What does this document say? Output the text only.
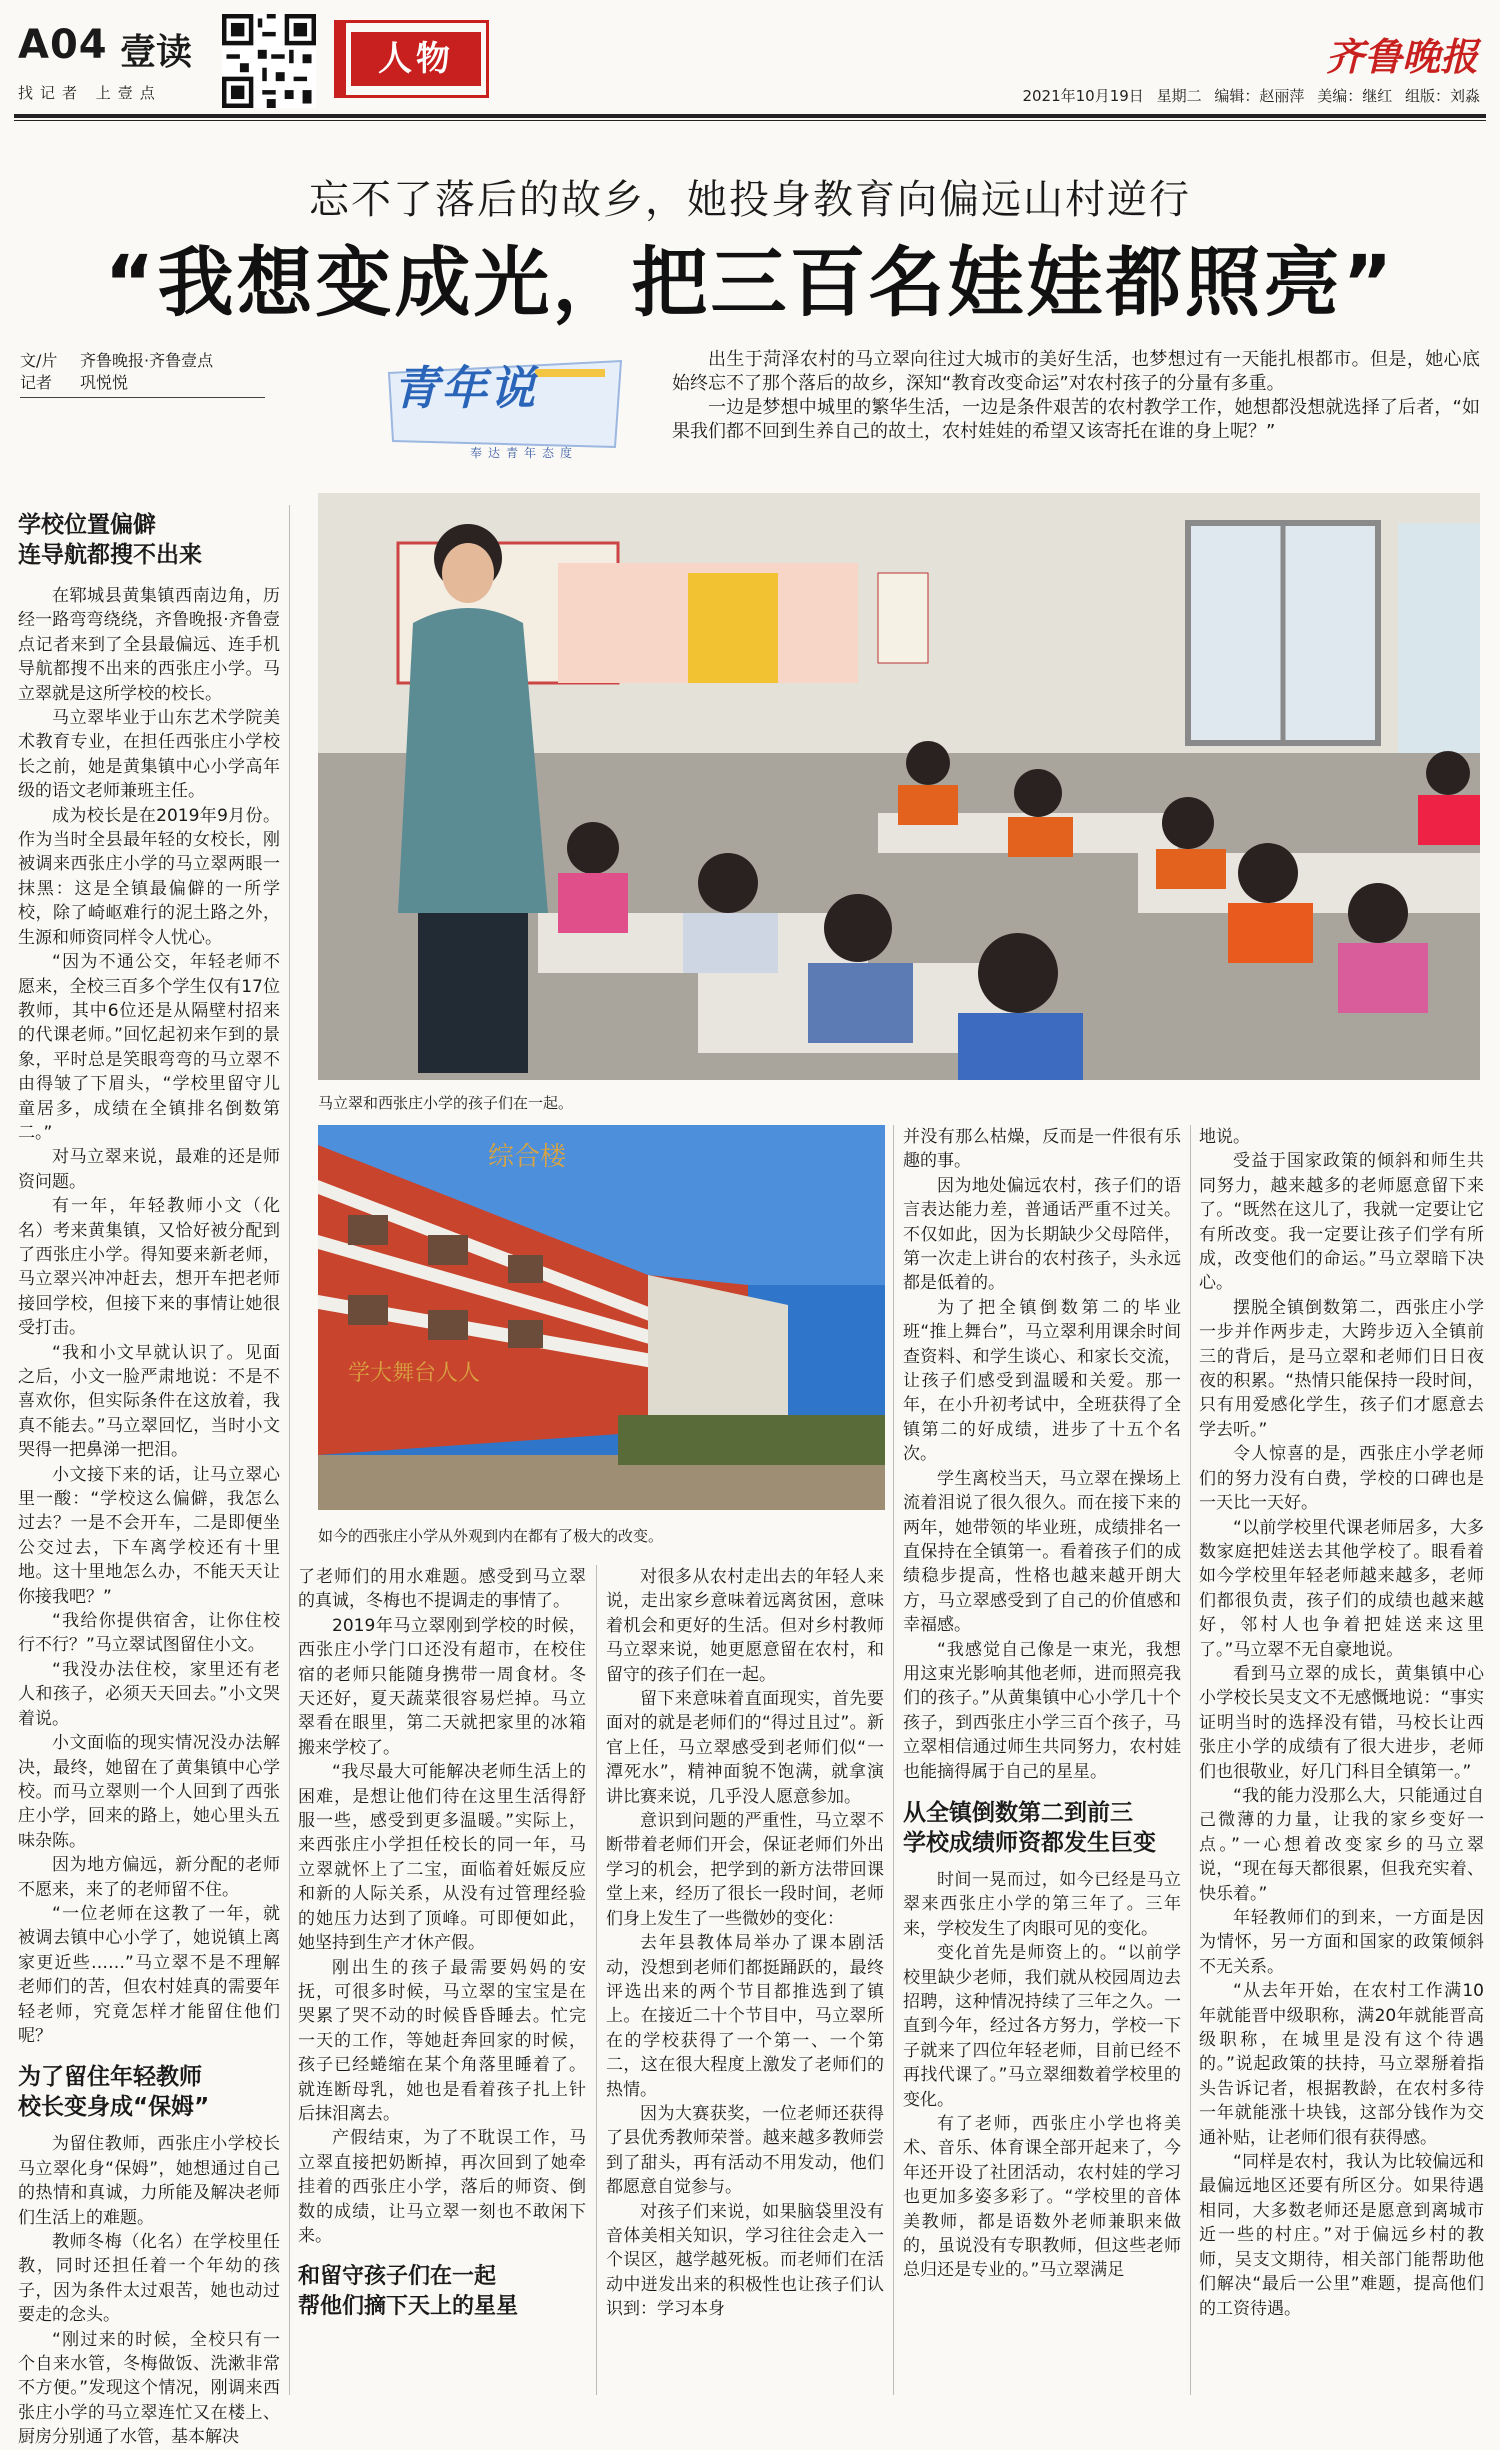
A04 壹读
找记者 上壹点
人物	齐鲁晚报
2021年10月19日 星期二 编辑：赵丽萍 美编：继红 组版：刘淼
忘不了落后的故乡，她投身教育向偏远山村逆行
“我想变成光，把三百名娃娃都照亮”
文/片 齐鲁晚报·齐鲁壹点
记者 巩悦悦	青年说
奉达青年态度

出生于菏泽农村的马立翠向往过大城市的美好生活，也梦想过有一天能扎根都市。但是，她心底始终忘不了那个落后的故乡，深知“教育改变命运”对农村孩子的分量有多重。

一边是梦想中城里的繁华生活，一边是条件艰苦的农村教学工作，她想都没想就选择了后者，“如果我们都不回到生养自己的故土，农村娃娃的希望又该寄托在谁的身上呢？”

学校位置偏僻
连导航都搜不出来

在郓城县黄集镇西南边角，历经一路弯弯绕绕，齐鲁晚报·齐鲁壹点记者来到了全县最偏远、连手机导航都搜不出来的西张庄小学。马立翠就是这所学校的校长。

马立翠毕业于山东艺术学院美术教育专业，在担任西张庄小学校长之前，她是黄集镇中心小学高年级的语文老师兼班主任。

成为校长是在2019年9月份。作为当时全县最年轻的女校长，刚被调来西张庄小学的马立翠两眼一抹黑：这是全镇最偏僻的一所学校，除了崎岖难行的泥土路之外，生源和师资同样令人忧心。

“因为不通公交，年轻老师不愿来，全校三百多个学生仅有17位教师，其中6位还是从隔壁村招来的代课老师。”回忆起初来乍到的景象，平时总是笑眼弯弯的马立翠不由得皱了下眉头，“学校里留守儿童居多，成绩在全镇排名倒数第二。”

对马立翠来说，最难的还是师资问题。

有一年，年轻教师小文（化名）考来黄集镇，又恰好被分配到了西张庄小学。得知要来新老师，马立翠兴冲冲赶去，想开车把老师接回学校，但接下来的事情让她很受打击。

“我和小文早就认识了。见面之后，小文一脸严肃地说：不是不喜欢你，但实际条件在这放着，我真不能去。”马立翠回忆，当时小文哭得一把鼻涕一把泪。

小文接下来的话，让马立翠心里一酸：“学校这么偏僻，我怎么过去？一是不会开车，二是即便坐公交过去，下车离学校还有十里地。这十里地怎么办，不能天天让你接我吧？”

“我给你提供宿舍，让你住校行不行？”马立翠试图留住小文。

“我没办法住校，家里还有老人和孩子，必须天天回去。”小文哭着说。

小文面临的现实情况没办法解决，最终，她留在了黄集镇中心学校。而马立翠则一个人回到了西张庄小学，回来的路上，她心里头五味杂陈。

因为地方偏远，新分配的老师不愿来，来了的老师留不住。

“一位老师在这教了一年，就被调去镇中心小学了，她说镇上离家更近些……”马立翠不是不理解老师们的苦，但农村娃真的需要年轻老师，究竟怎样才能留住他们呢？

为了留住年轻教师
校长变身成“保姆”

为留住教师，西张庄小学校长马立翠化身“保姆”，她想通过自己的热情和真诚，力所能及解决老师们生活上的难题。

教师冬梅（化名）在学校里任教，同时还担任着一个年幼的孩子，因为条件太过艰苦，她也动过要走的念头。

“刚过来的时候，全校只有一个自来水管，冬梅做饭、洗漱非常不方便。”发现这个情况，刚调来西张庄小学的马立翠连忙又在楼上、厨房分别通了水管，基本解决

马立翠和西张庄小学的孩子们在一起。
综合楼
学大舞台人人
如今的西张庄小学从外观到内在都有了极大的改变。

了老师们的用水难题。感受到马立翠的真诚，冬梅也不提调走的事情了。

2019年马立翠刚到学校的时候，西张庄小学门口还没有超市，在校住宿的老师只能随身携带一周食材。冬天还好，夏天蔬菜很容易烂掉。马立翠看在眼里，第二天就把家里的冰箱搬来学校了。

“我尽最大可能解决老师生活上的困难，是想让他们待在这里生活得舒服一些，感受到更多温暖。”实际上，来西张庄小学担任校长的同一年，马立翠就怀上了二宝，面临着妊娠反应和新的人际关系，从没有过管理经验的她压力达到了顶峰。可即便如此，她坚持到生产才休产假。

刚出生的孩子最需要妈妈的安抚，可很多时候，马立翠的宝宝是在哭累了哭不动的时候昏昏睡去。忙完一天的工作，等她赶奔回家的时候，孩子已经蜷缩在某个角落里睡着了。就连断母乳，她也是看着孩子扎上针后抹泪离去。

产假结束，为了不耽误工作，马立翠直接把奶断掉，再次回到了她牵挂着的西张庄小学，落后的师资、倒数的成绩，让马立翠一刻也不敢闲下来。

和留守孩子们在一起
帮他们摘下天上的星星

对很多从农村走出去的年轻人来说，走出家乡意味着远离贫困，意味着机会和更好的生活。但对乡村教师马立翠来说，她更愿意留在农村，和留守的孩子们在一起。

留下来意味着直面现实，首先要面对的就是老师们的“得过且过”。新官上任，马立翠感受到老师们似“一潭死水”，精神面貌不饱满，就拿演讲比赛来说，几乎没人愿意参加。

意识到问题的严重性，马立翠不断带着老师们开会，保证老师们外出学习的机会，把学到的新方法带回课堂上来，经历了很长一段时间，老师们身上发生了一些微妙的变化：

去年县教体局举办了课本剧活动，没想到老师们都挺踊跃的，最终评选出来的两个节目都推选到了镇上。在接近二十个节目中，马立翠所在的学校获得了一个第一、一个第二，这在很大程度上激发了老师们的热情。

因为大赛获奖，一位老师还获得了县优秀教师荣誉。越来越多教师尝到了甜头，再有活动不用发动，他们都愿意自觉参与。

对孩子们来说，如果脑袋里没有音体美相关知识，学习往往会走入一个误区，越学越死板。而老师们在活动中迸发出来的积极性也让孩子们认识到：学习本身

并没有那么枯燥，反而是一件很有乐趣的事。

因为地处偏远农村，孩子们的语言表达能力差，普通话严重不过关。不仅如此，因为长期缺少父母陪伴，第一次走上讲台的农村孩子，头永远都是低着的。

为了把全镇倒数第二的毕业班“推上舞台”，马立翠利用课余时间查资料、和学生谈心、和家长交流，让孩子们感受到温暖和关爱。那一年，在小升初考试中，全班获得了全镇第二的好成绩，进步了十五个名次。

学生离校当天，马立翠在操场上流着泪说了很久很久。而在接下来的两年，她带领的毕业班，成绩排名一直保持在全镇第一。看着孩子们的成绩稳步提高，性格也越来越开朗大方，马立翠感受到了自己的价值感和幸福感。

“我感觉自己像是一束光，我想用这束光影响其他老师，进而照亮我们的孩子。”从黄集镇中心小学几十个孩子，到西张庄小学三百个孩子，马立翠相信通过师生共同努力，农村娃也能摘得属于自己的星星。

从全镇倒数第二到前三
学校成绩师资都发生巨变

时间一晃而过，如今已经是马立翠来西张庄小学的第三年了。三年来，学校发生了肉眼可见的变化。

变化首先是师资上的。“以前学校里缺少老师，我们就从校园周边去招聘，这种情况持续了三年之久。一直到今年，经过各方努力，学校一下子就来了四位年轻老师，目前已经不再找代课了。”马立翠细数着学校里的变化。

有了老师，西张庄小学也将美术、音乐、体育课全部开起来了，今年还开设了社团活动，农村娃的学习也更加多姿多彩了。“学校里的音体美教师，都是语数外老师兼职来做的，虽说没有专职教师，但这些老师总归还是专业的。”马立翠满足

地说。

受益于国家政策的倾斜和师生共同努力，越来越多的老师愿意留下来了。“既然在这儿了，我就一定要让它有所改变。我一定要让孩子们学有所成，改变他们的命运。”马立翠暗下决心。

摆脱全镇倒数第二，西张庄小学一步并作两步走，大跨步迈入全镇前三的背后，是马立翠和老师们日日夜夜的积累。“热情只能保持一段时间，只有用爱感化学生，孩子们才愿意去学去听。”

令人惊喜的是，西张庄小学老师们的努力没有白费，学校的口碑也是一天比一天好。

“以前学校里代课老师居多，大多数家庭把娃送去其他学校了。眼看着如今学校里年轻老师越来越多，老师们都很负责，孩子们的成绩也越来越好，邻村人也争着把娃送来这里了。”马立翠不无自豪地说。

看到马立翠的成长，黄集镇中心小学校长吴支文不无感慨地说：“事实证明当时的选择没有错，马校长让西张庄小学的成绩有了很大进步，老师们也很敬业，好几门科目全镇第一。”

“我的能力没那么大，只能通过自己微薄的力量，让我的家乡变好一点。”一心想着改变家乡的马立翠说，“现在每天都很累，但我充实着、快乐着。”

年轻教师们的到来，一方面是因为情怀，另一方面和国家的政策倾斜不无关系。

“从去年开始，在农村工作满10年就能晋中级职称，满20年就能晋高级职称，在城里是没有这个待遇的。”说起政策的扶持，马立翠掰着指头告诉记者，根据教龄，在农村多待一年就能涨十块钱，这部分钱作为交通补贴，让老师们很有获得感。

“同样是农村，我认为比较偏远和最偏远地区还要有所区分。如果待遇相同，大多数老师还是愿意到离城市近一些的村庄。”对于偏远乡村的教师，吴支文期待，相关部门能帮助他们解决“最后一公里”难题，提高他们的工资待遇。
